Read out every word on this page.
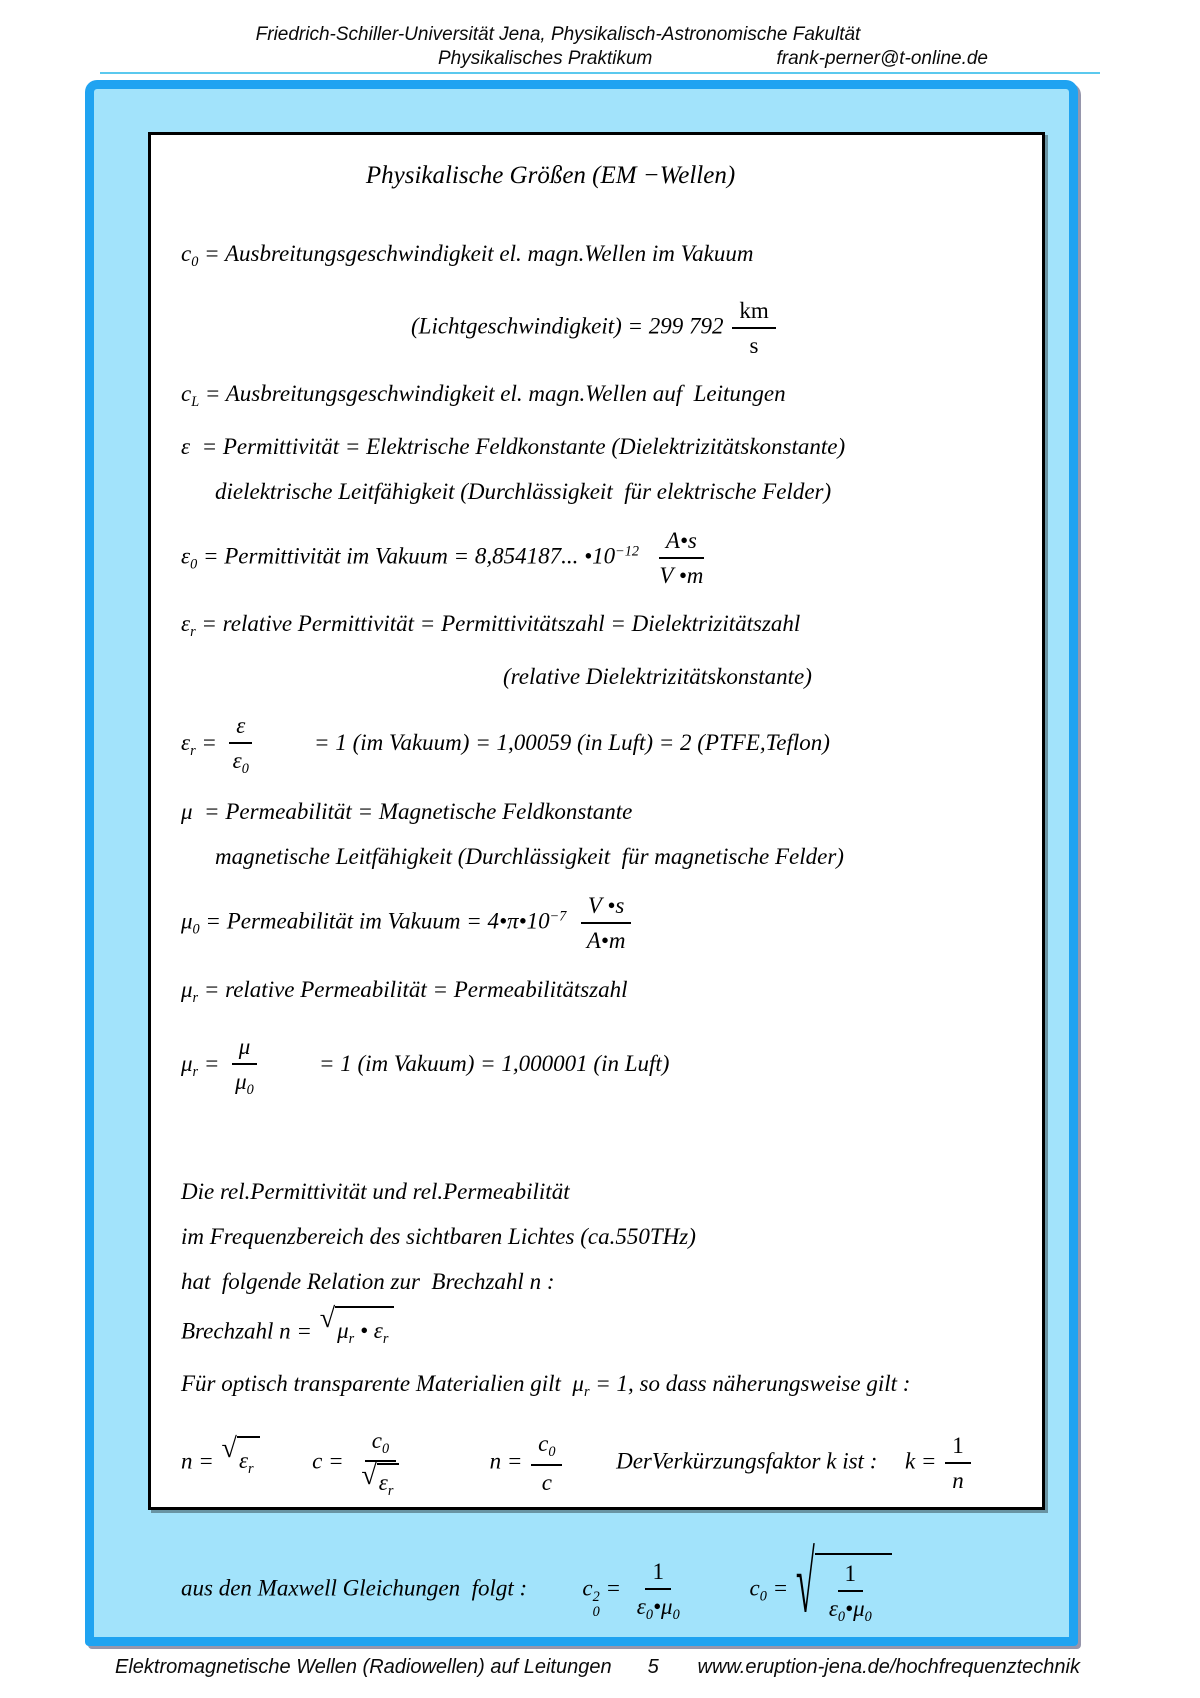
Friedrich-Schiller-Universität Jena, Physikalisch-Astronomische Fakultät
Physikalisches Praktikum	frank-perner@t-online.de
Physikalische Größen (EM −Wellen)
$c_0$ = Ausbreitungsgeschwindigkeit el. magn.Wellen im Vakuum
(Lichtgeschwindigkeit) = 299 $792 \frac{km}{s}$
$c_L$ = Ausbreitungsgeschwindigkeit el. magn.Wellen auf  Leitungen
ε  = Permittivität = Elektrische Feldkonstante (Dielektrizitätskonstante)
dielektrische Leitfähigkeit (Durchlässigkeit  für elektrische Felder)
$\varepsilon_0$ = Permittivität im Vakuum = 8,854187... $•10^{-12} \frac{A•s}{V •m}$
$\varepsilon_r$ = relative Permittivität = Permittivitätszahl = Dielektrizitätszahl
(relative Dielektrizitätskonstante)
$\varepsilon_r = \frac{\varepsilon}{\varepsilon_0}$	= 1 (im Vakuum) = 1,00059 (in Luft) = 2 (PTFE,Teflon)
μ  = Permeabilität = Magnetische Feldkonstante
magnetische Leitfähigkeit (Durchlässigkeit  für magnetische Felder)
$\mu_0$ = Permeabilität im Vakuum = $4•\pi•10^{-7} \frac{V •s}{A•m}$
$\mu_r$ = relative Permeabilität = Permeabilitätszahl
$\mu_r = \frac{\mu}{\mu_0}$	= 1 (im Vakuum) = 1,000001 (in Luft)
Die rel.Permittivität und rel.Permeabilität
im Frequenzbereich des sichtbaren Lichtes (ca.550THz)
hat  folgende Relation zur  Brechzahl n :
Brechzahl n = √ $\mu_r$ • $\varepsilon_r$
Für optisch transparente Materialien gilt  $\mu_r = 1$, so dass näherungsweise gilt :
n = √ $\varepsilon_r$	$c = \frac{c_0}{√ \varepsilon_r}$	$n = \frac{c_0}{c}$ DerVerkürzungsfaktor k ist : $k = \frac{1}{n}$
aus den Maxwell Gleichungen  folgt : c 2
0
= $\frac{1}{\varepsilon_0•\mu_0}$	$c_0$ = √ $\frac{1}{\varepsilon_0•\mu_0}$
Elektromagnetische Wellen (Radiowellen) auf Leitungen 5 www.eruption-jena.de/hochfrequenztechnik
